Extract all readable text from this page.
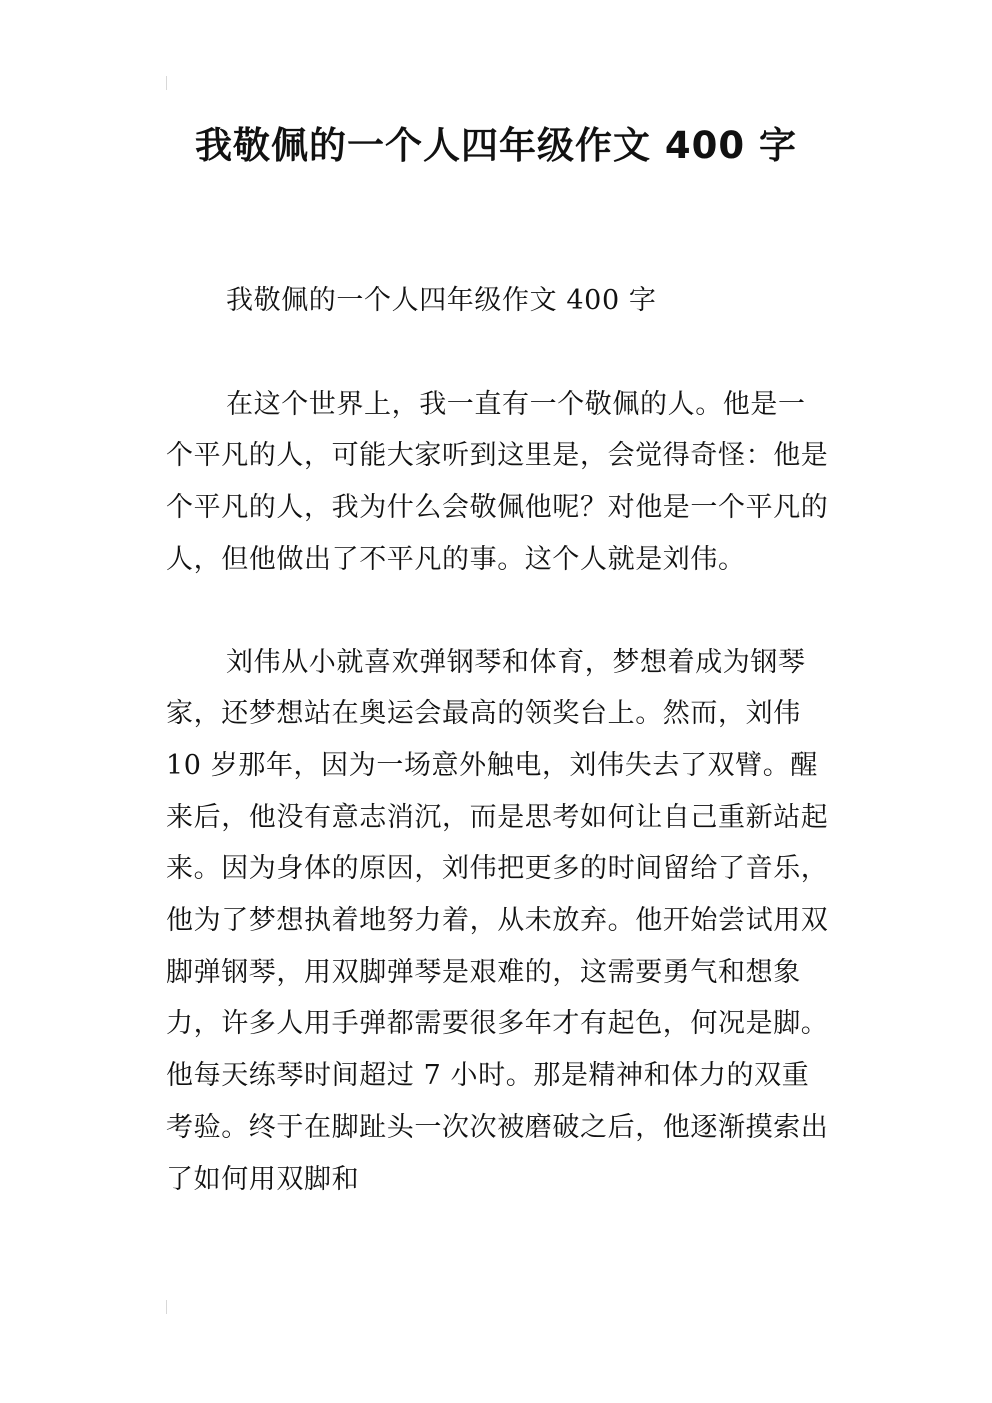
我敬佩的一个人四年级作文 400 字

我敬佩的一个人四年级作文 400 字

在这个世界上，我一直有一个敬佩的人。他是一个平凡的人，可能大家听到这里是，会觉得奇怪：他是个平凡的人，我为什么会敬佩他呢？对他是一个平凡的人，但他做出了不平凡的事。这个人就是刘伟。

刘伟从小就喜欢弹钢琴和体育，梦想着成为钢琴家，还梦想站在奥运会最高的领奖台上。然而，刘伟 10 岁那年，因为一场意外触电，刘伟失去了双臂。醒来后，他没有意志消沉，而是思考如何让自己重新站起来。因为身体的原因，刘伟把更多的时间留给了音乐，他为了梦想执着地努力着，从未放弃。他开始尝试用双脚弹钢琴，用双脚弹琴是艰难的，这需要勇气和想象力，许多人用手弹都需要很多年才有起色，何况是脚。他每天练琴时间超过 7 小时。那是精神和体力的双重考验。终于在脚趾头一次次被磨破之后，他逐渐摸索出了如何用双脚和
